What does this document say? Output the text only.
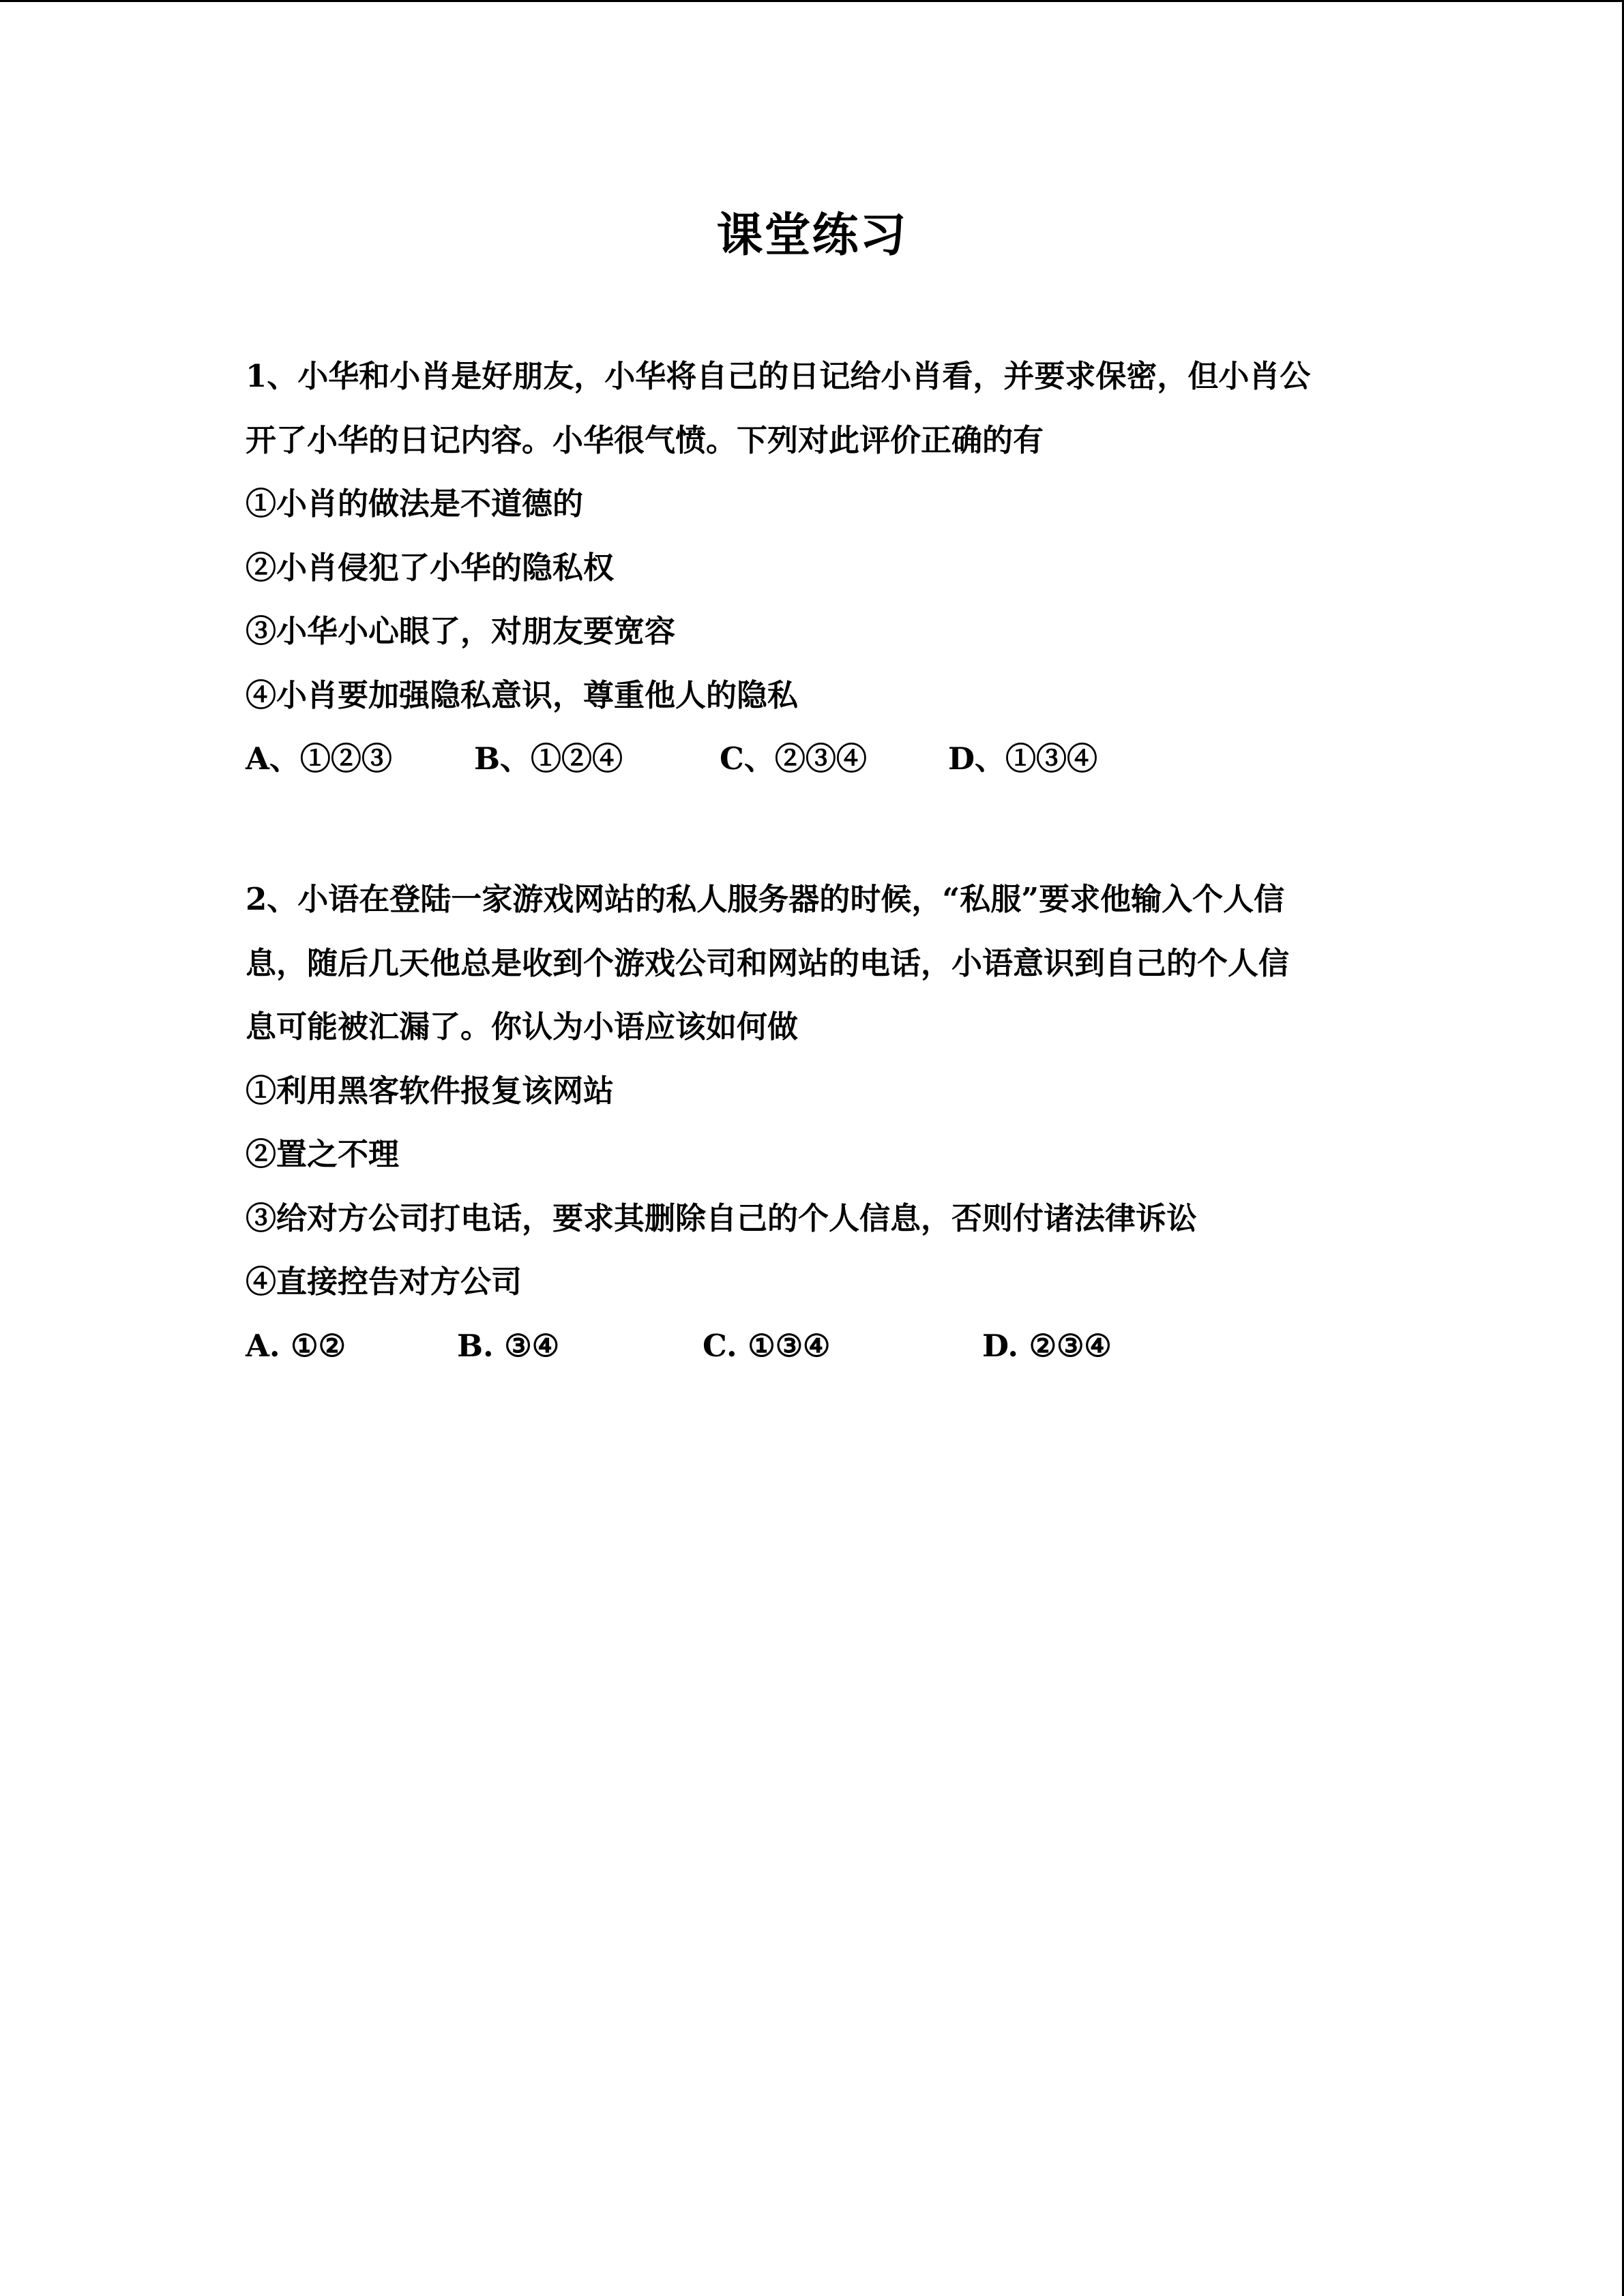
课堂练习
1、小华和小肖是好朋友，小华将自己的日记给小肖看，并要求保密，但小肖公
开了小华的日记内容。小华很气愤。下列对此评价正确的有
①小肖的做法是不道德的
②小肖侵犯了小华的隐私权
③小华小心眼了，对朋友要宽容
④小肖要加强隐私意识，尊重他人的隐私
A、①②③	B、①②④	C、②③④	D、①③④
2、小语在登陆一家游戏网站的私人服务器的时候，“私服”要求他输入个人信
息，随后几天他总是收到个游戏公司和网站的电话，小语意识到自己的个人信
息可能被汇漏了。你认为小语应该如何做
①利用黑客软件报复该网站
②置之不理
③给对方公司打电话，要求其删除自己的个人信息，否则付诸法律诉讼
④直接控告对方公司
A. ①②	B. ③④	C. ①③④	D. ②③④
